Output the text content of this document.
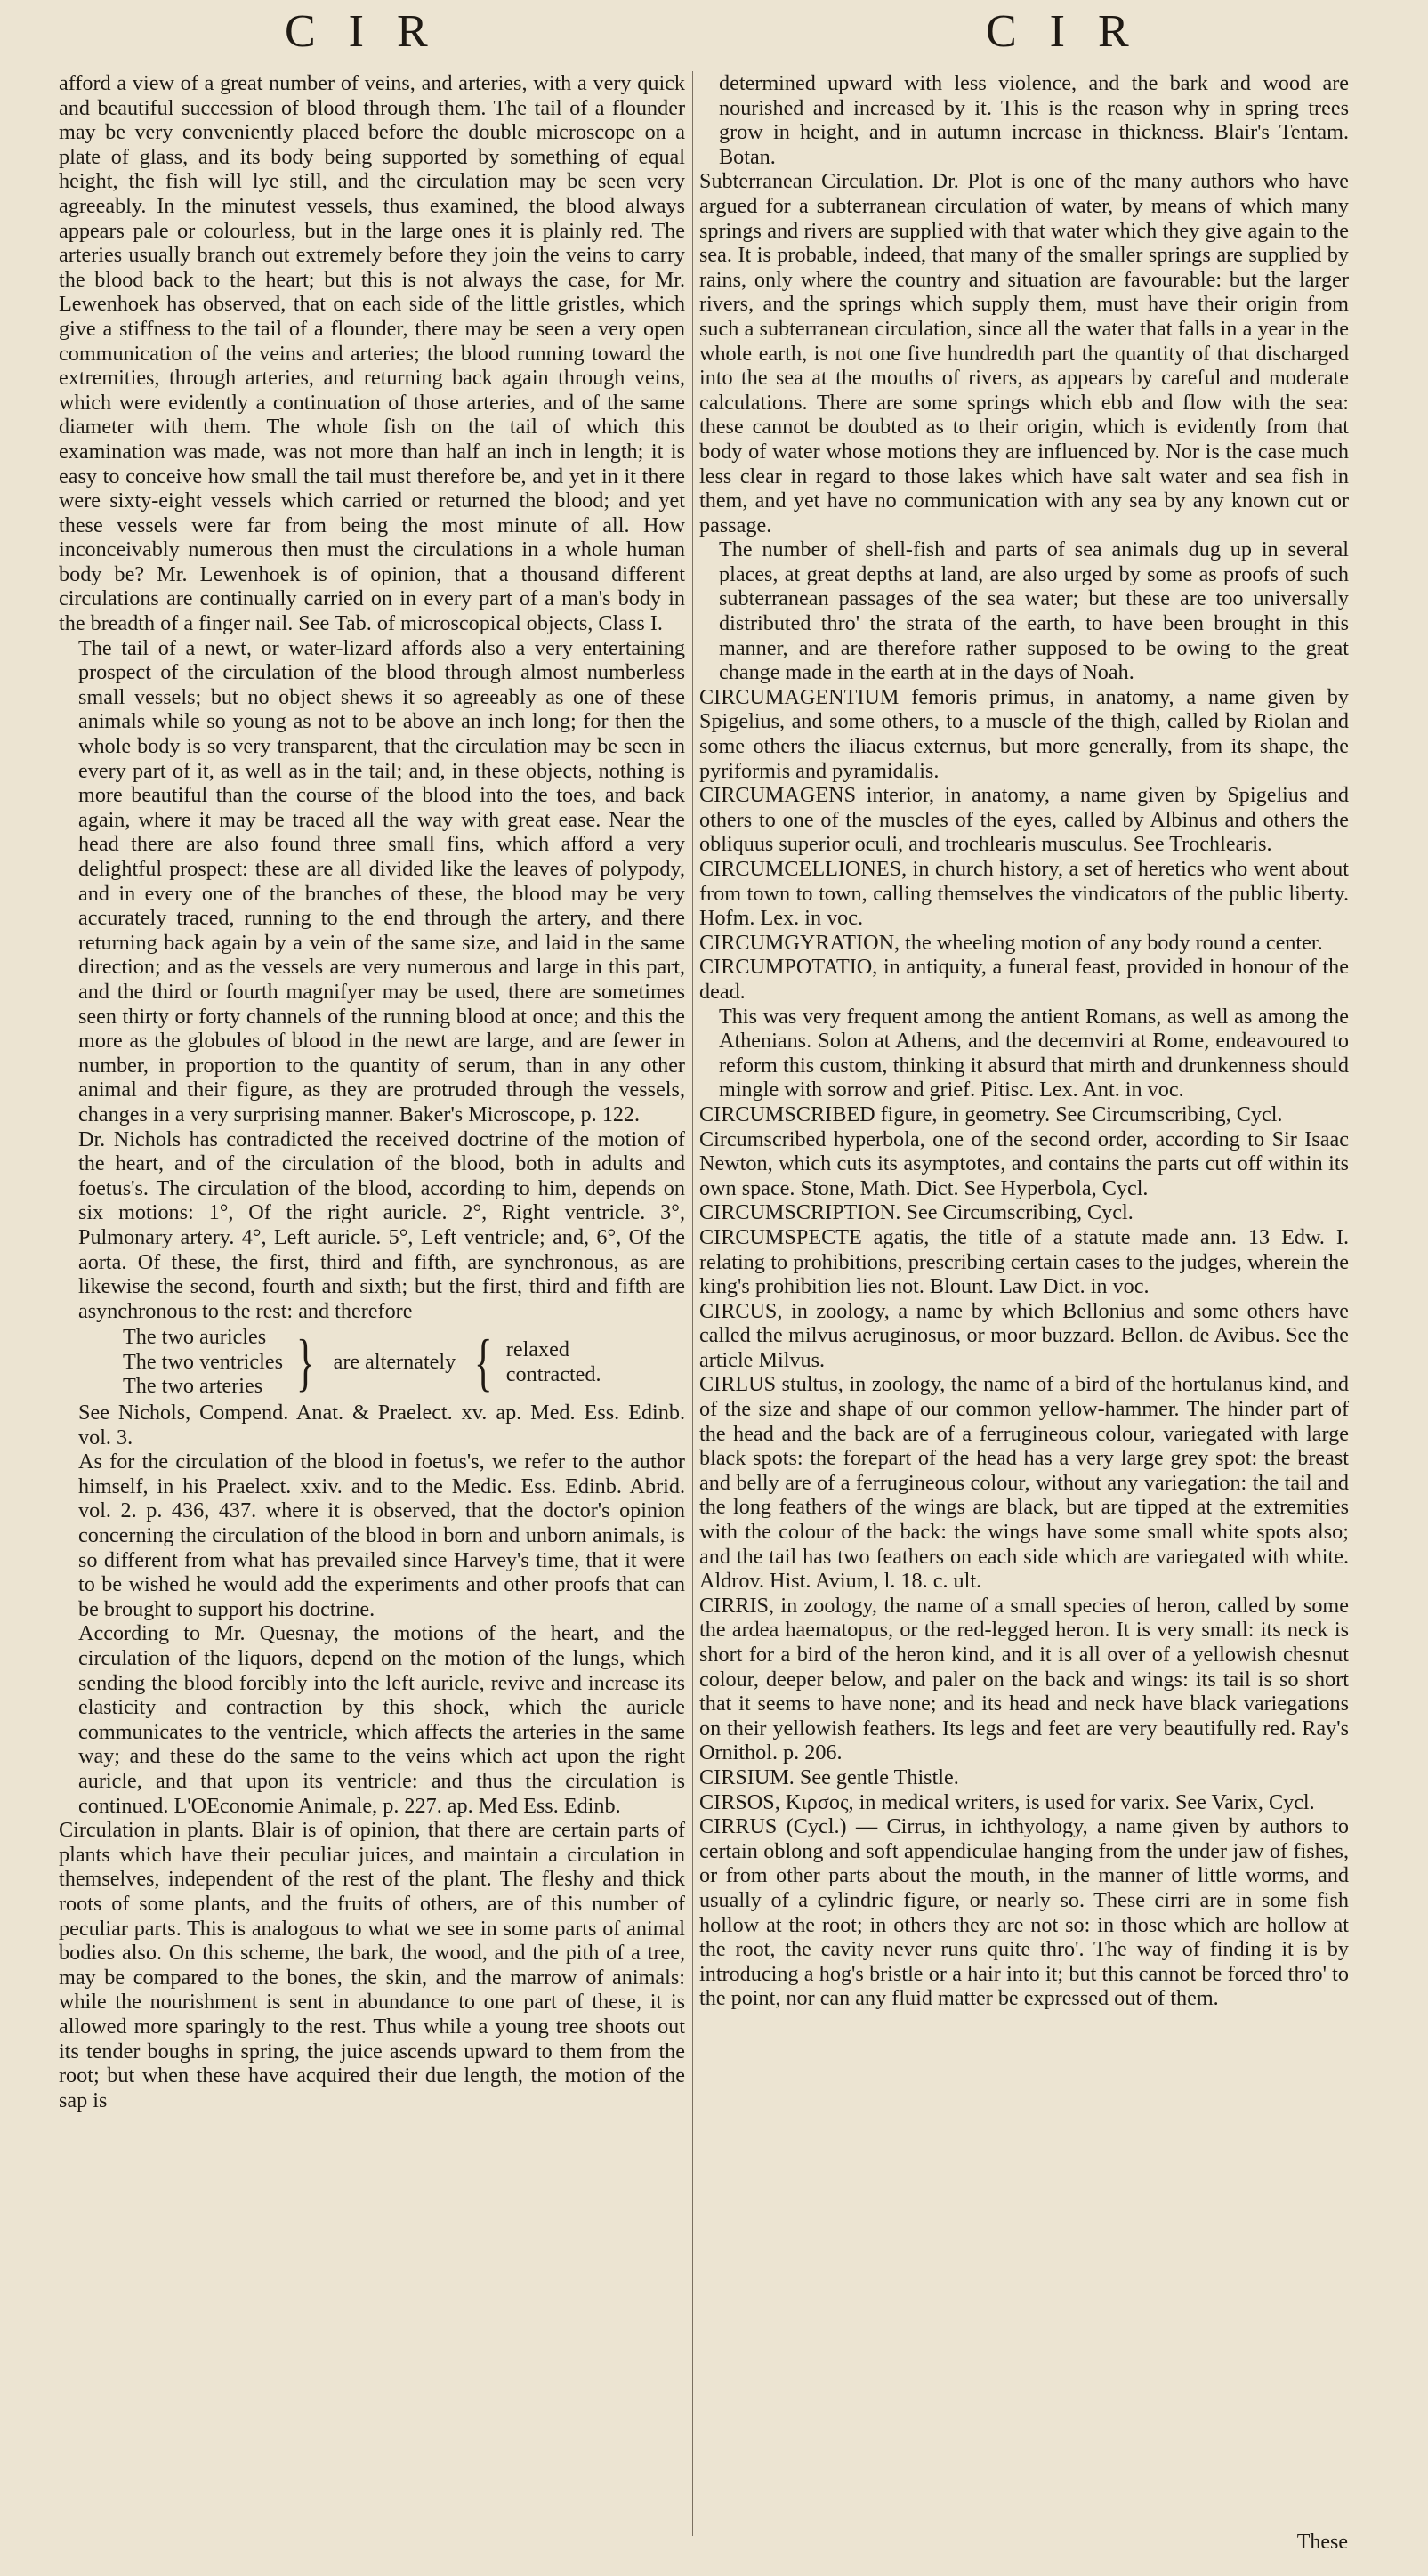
C I R	C I R

afford a view of a great number of veins, and arteries, with a very quick and beautiful succession of blood through them. The tail of a flounder may be very conveniently placed before the double microscope on a plate of glass, and its body being supported by something of equal height, the fish will lye still, and the circulation may be seen very agreeably. In the minutest vessels, thus examined, the blood always appears pale or colourless, but in the large ones it is plainly red. The arteries usually branch out extremely before they join the veins to carry the blood back to the heart; but this is not always the case, for Mr. Lewenhoek has observed, that on each side of the little gristles, which give a stiffness to the tail of a flounder, there may be seen a very open communication of the veins and arteries; the blood running toward the extremities, through arteries, and returning back again through veins, which were evidently a continuation of those arteries, and of the same diameter with them. The whole fish on the tail of which this examination was made, was not more than half an inch in length; it is easy to conceive how small the tail must therefore be, and yet in it there were sixty-eight vessels which carried or returned the blood; and yet these vessels were far from being the most minute of all. How inconceivably numerous then must the circulations in a whole human body be? Mr. Lewenhoek is of opinion, that a thousand different circulations are continually carried on in every part of a man's body in the breadth of a finger nail. See Tab. of microscopical objects, Class I.

The tail of a newt, or water-lizard affords also a very entertaining prospect of the circulation of the blood through almost numberless small vessels; but no object shews it so agreeably as one of these animals while so young as not to be above an inch long; for then the whole body is so very transparent, that the circulation may be seen in every part of it, as well as in the tail; and, in these objects, nothing is more beautiful than the course of the blood into the toes, and back again, where it may be traced all the way with great ease. Near the head there are also found three small fins, which afford a very delightful prospect: these are all divided like the leaves of polypody, and in every one of the branches of these, the blood may be very accurately traced, running to the end through the artery, and there returning back again by a vein of the same size, and laid in the same direction; and as the vessels are very numerous and large in this part, and the third or fourth magnifyer may be used, there are sometimes seen thirty or forty channels of the running blood at once; and this the more as the globules of blood in the newt are large, and are fewer in number, in proportion to the quantity of serum, than in any other animal and their figure, as they are protruded through the vessels, changes in a very surprising manner. Baker's Microscope, p. 122.

Dr. Nichols has contradicted the received doctrine of the motion of the heart, and of the circulation of the blood, both in adults and foetus's. The circulation of the blood, according to him, depends on six motions: 1°, Of the right auricle. 2°, Right ventricle. 3°, Pulmonary artery. 4°, Left auricle. 5°, Left ventricle; and, 6°, Of the aorta. Of these, the first, third and fifth, are synchronous, as are likewise the second, fourth and sixth; but the first, third and fifth are asynchronous to the rest: and therefore

The two auricles
The two ventricles
The two arteries } are alternately { relaxed
contracted.

See Nichols, Compend. Anat. & Praelect. xv. ap. Med. Ess. Edinb. vol. 3.

As for the circulation of the blood in foetus's, we refer to the author himself, in his Praelect. xxiv. and to the Medic. Ess. Edinb. Abrid. vol. 2. p. 436, 437. where it is observed, that the doctor's opinion concerning the circulation of the blood in born and unborn animals, is so different from what has prevailed since Harvey's time, that it were to be wished he would add the experiments and other proofs that can be brought to support his doctrine.

According to Mr. Quesnay, the motions of the heart, and the circulation of the liquors, depend on the motion of the lungs, which sending the blood forcibly into the left auricle, revive and increase its elasticity and contraction by this shock, which the auricle communicates to the ventricle, which affects the arteries in the same way; and these do the same to the veins which act upon the right auricle, and that upon its ventricle: and thus the circulation is continued. L'OEconomie Animale, p. 227. ap. Med Ess. Edinb.

Circulation in plants. Blair is of opinion, that there are certain parts of plants which have their peculiar juices, and maintain a circulation in themselves, independent of the rest of the plant. The fleshy and thick roots of some plants, and the fruits of others, are of this number of peculiar parts. This is analogous to what we see in some parts of animal bodies also. On this scheme, the bark, the wood, and the pith of a tree, may be compared to the bones, the skin, and the marrow of animals: while the nourishment is sent in abundance to one part of these, it is allowed more sparingly to the rest. Thus while a young tree shoots out its tender boughs in spring, the juice ascends upward to them from the root; but when these have acquired their due length, the motion of the sap is

determined upward with less violence, and the bark and wood are nourished and increased by it. This is the reason why in spring trees grow in height, and in autumn increase in thickness. Blair's Tentam. Botan.

Subterranean Circulation. Dr. Plot is one of the many authors who have argued for a subterranean circulation of water, by means of which many springs and rivers are supplied with that water which they give again to the sea. It is probable, indeed, that many of the smaller springs are supplied by rains, only where the country and situation are favourable: but the larger rivers, and the springs which supply them, must have their origin from such a subterranean circulation, since all the water that falls in a year in the whole earth, is not one five hundredth part the quantity of that discharged into the sea at the mouths of rivers, as appears by careful and moderate calculations. There are some springs which ebb and flow with the sea: these cannot be doubted as to their origin, which is evidently from that body of water whose motions they are influenced by. Nor is the case much less clear in regard to those lakes which have salt water and sea fish in them, and yet have no communication with any sea by any known cut or passage.

The number of shell-fish and parts of sea animals dug up in several places, at great depths at land, are also urged by some as proofs of such subterranean passages of the sea water; but these are too universally distributed thro' the strata of the earth, to have been brought in this manner, and are therefore rather supposed to be owing to the great change made in the earth at in the days of Noah.

CIRCUMAGENTIUM femoris primus, in anatomy, a name given by Spigelius, and some others, to a muscle of the thigh, called by Riolan and some others the iliacus externus, but more generally, from its shape, the pyriformis and pyramidalis.

CIRCUMAGENS interior, in anatomy, a name given by Spigelius and others to one of the muscles of the eyes, called by Albinus and others the obliquus superior oculi, and trochlearis musculus. See Trochlearis.

CIRCUMCELLIONES, in church history, a set of heretics who went about from town to town, calling themselves the vindicators of the public liberty. Hofm. Lex. in voc.

CIRCUMGYRATION, the wheeling motion of any body round a center.

CIRCUMPOTATIO, in antiquity, a funeral feast, provided in honour of the dead.

This was very frequent among the antient Romans, as well as among the Athenians. Solon at Athens, and the decemviri at Rome, endeavoured to reform this custom, thinking it absurd that mirth and drunkenness should mingle with sorrow and grief. Pitisc. Lex. Ant. in voc.

CIRCUMSCRIBED figure, in geometry. See Circumscribing, Cycl.

Circumscribed hyperbola, one of the second order, according to Sir Isaac Newton, which cuts its asymptotes, and contains the parts cut off within its own space. Stone, Math. Dict. See Hyperbola, Cycl.

CIRCUMSCRIPTION. See Circumscribing, Cycl.

CIRCUMSPECTE agatis, the title of a statute made ann. 13 Edw. I. relating to prohibitions, prescribing certain cases to the judges, wherein the king's prohibition lies not. Blount. Law Dict. in voc.

CIRCUS, in zoology, a name by which Bellonius and some others have called the milvus aeruginosus, or moor buzzard. Bellon. de Avibus. See the article Milvus.

CIRLUS stultus, in zoology, the name of a bird of the hortulanus kind, and of the size and shape of our common yellow-hammer. The hinder part of the head and the back are of a ferrugineous colour, variegated with large black spots: the forepart of the head has a very large grey spot: the breast and belly are of a ferrugineous colour, without any variegation: the tail and the long feathers of the wings are black, but are tipped at the extremities with the colour of the back: the wings have some small white spots also; and the tail has two feathers on each side which are variegated with white. Aldrov. Hist. Avium, l. 18. c. ult.

CIRRIS, in zoology, the name of a small species of heron, called by some the ardea haematopus, or the red-legged heron. It is very small: its neck is short for a bird of the heron kind, and it is all over of a yellowish chesnut colour, deeper below, and paler on the back and wings: its tail is so short that it seems to have none; and its head and neck have black variegations on their yellowish feathers. Its legs and feet are very beautifully red. Ray's Ornithol. p. 206.

CIRSIUM. See gentle Thistle.

CIRSOS, Κιρσος, in medical writers, is used for varix. See Varix, Cycl.

CIRRUS (Cycl.) — Cirrus, in ichthyology, a name given by authors to certain oblong and soft appendiculae hanging from the under jaw of fishes, or from other parts about the mouth, in the manner of little worms, and usually of a cylindric figure, or nearly so. These cirri are in some fish hollow at the root; in others they are not so: in those which are hollow at the root, the cavity never runs quite thro'. The way of finding it is by introducing a hog's bristle or a hair into it; but this cannot be forced thro' to the point, nor can any fluid matter be expressed out of them.

These
